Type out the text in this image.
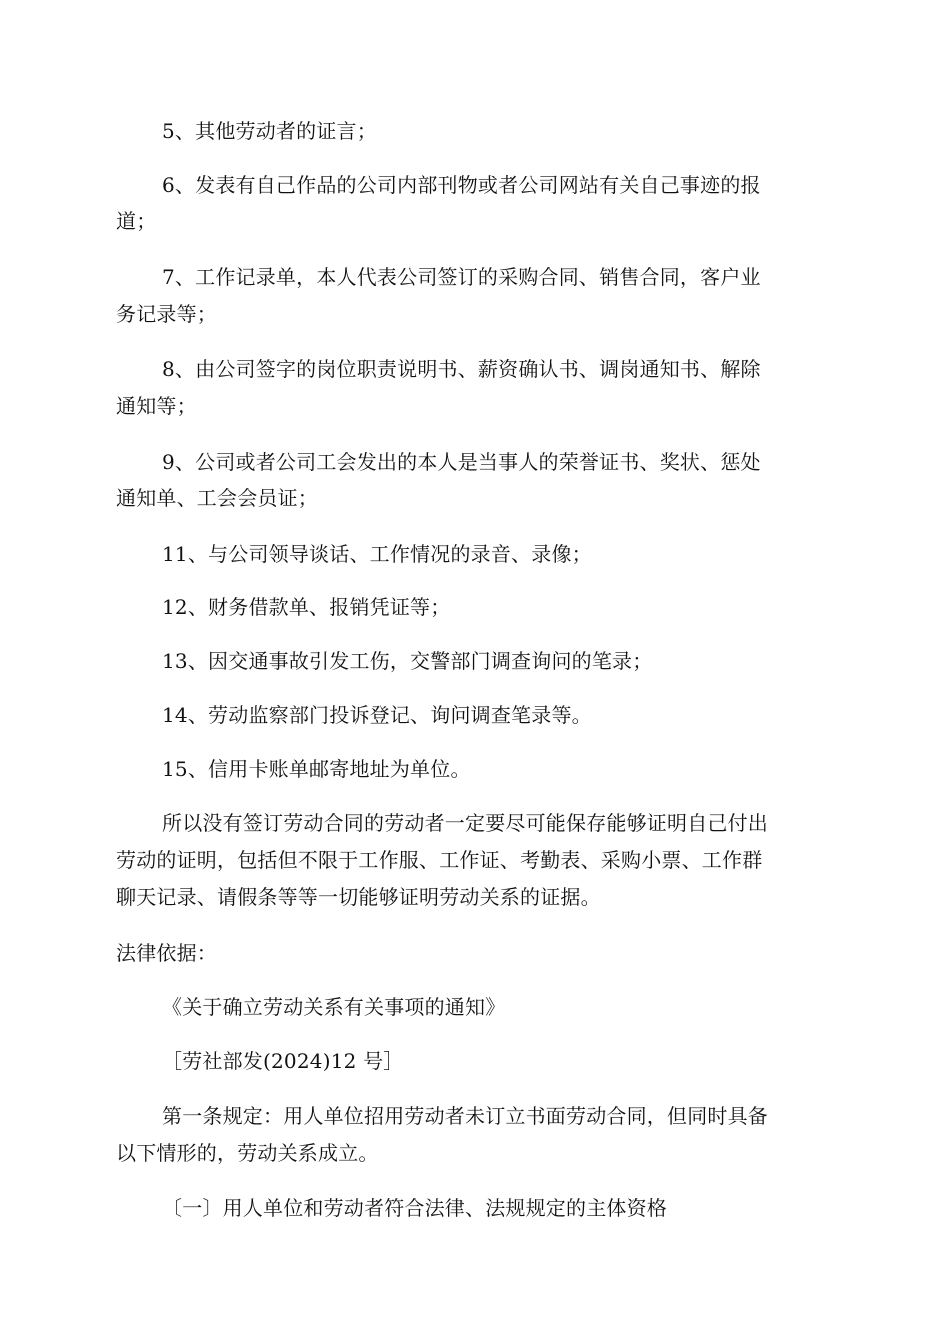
5、其他劳动者的证言；
6、发表有自己作品的公司内部刊物或者公司网站有关自己事迹的报
道；
7、工作记录单，本人代表公司签订的采购合同、销售合同，客户业
务记录等；
8、由公司签字的岗位职责说明书、薪资确认书、调岗通知书、解除
通知等；
9、公司或者公司工会发出的本人是当事人的荣誉证书、奖状、惩处
通知单、工会会员证；
11、与公司领导谈话、工作情况的录音、录像；
12、财务借款单、报销凭证等；
13、因交通事故引发工伤，交警部门调查询问的笔录；
14、劳动监察部门投诉登记、询问调查笔录等。
15、信用卡账单邮寄地址为单位。
所以没有签订劳动合同的劳动者一定要尽可能保存能够证明自己付出
劳动的证明，包括但不限于工作服、工作证、考勤表、采购小票、工作群
聊天记录、请假条等等一切能够证明劳动关系的证据。
法律依据：
《关于确立劳动关系有关事项的通知》
［劳社部发(2024)12 号］
第一条规定：用人单位招用劳动者未订立书面劳动合同，但同时具备
以下情形的，劳动关系成立。
〔一〕用人单位和劳动者符合法律、法规规定的主体资格
